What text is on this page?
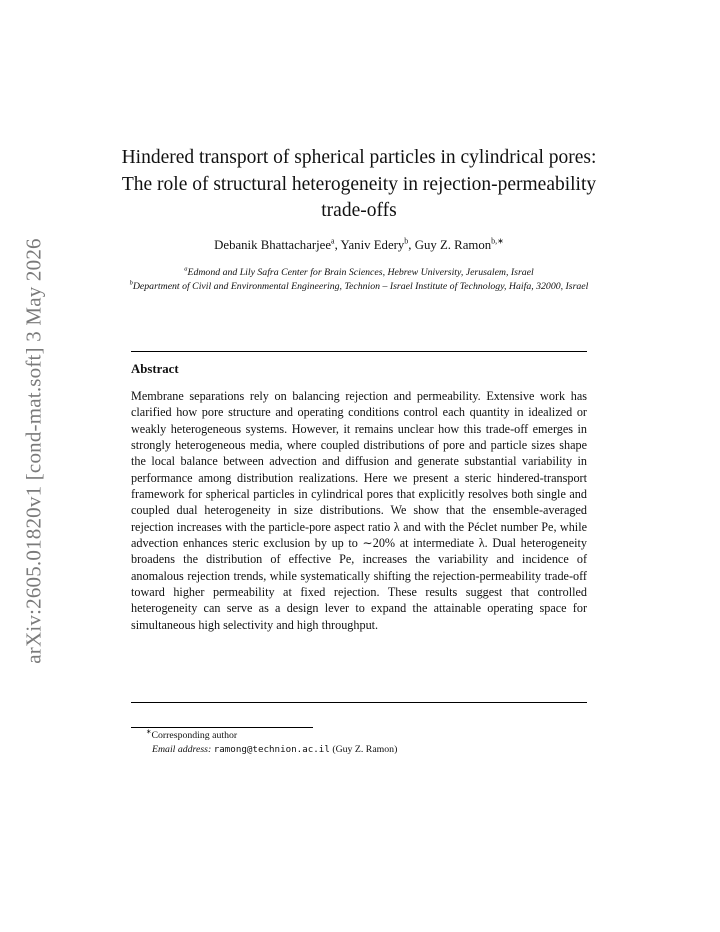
arXiv:2605.01820v1 [cond-mat.soft] 3 May 2026
Hindered transport of spherical particles in cylindrical pores: The role of structural heterogeneity in rejection-permeability trade-offs
Debanik Bhattacharjee$^a$, Yaniv Edery$^b$, Guy Z. Ramon$^{b,∗}$
$^a$Edmond and Lily Safra Center for Brain Sciences, Hebrew University, Jerusalem, Israel
$^b$Department of Civil and Environmental Engineering, Technion – Israel Institute of Technology, Haifa, 32000, Israel
Abstract

Membrane separations rely on balancing rejection and permeability. Extensive work has clarified how pore structure and operating conditions control each quantity in idealized or weakly heterogeneous systems. However, it remains unclear how this trade-off emerges in strongly heterogeneous media, where coupled distributions of pore and particle sizes shape the local balance between advection and diffusion and generate substantial variability in performance among distribution realizations. Here we present a steric hindered-transport framework for spherical particles in cylindrical pores that explicitly resolves both single and coupled dual heterogeneity in size distributions. We show that the ensemble-averaged rejection increases with the particle-pore aspect ratio λ and with the Péclet number Pe, while advection enhances steric exclusion by up to ∼20% at intermediate λ. Dual heterogeneity broadens the distribution of effective Pe, increases the variability and incidence of anomalous rejection trends, while systematically shifting the rejection-permeability trade-off toward higher permeability at fixed rejection. These results suggest that controlled heterogeneity can serve as a design lever to expand the attainable operating space for simultaneous high selectivity and high throughput.

∗Corresponding author
Email address: ramong@technion.ac.il (Guy Z. Ramon)
